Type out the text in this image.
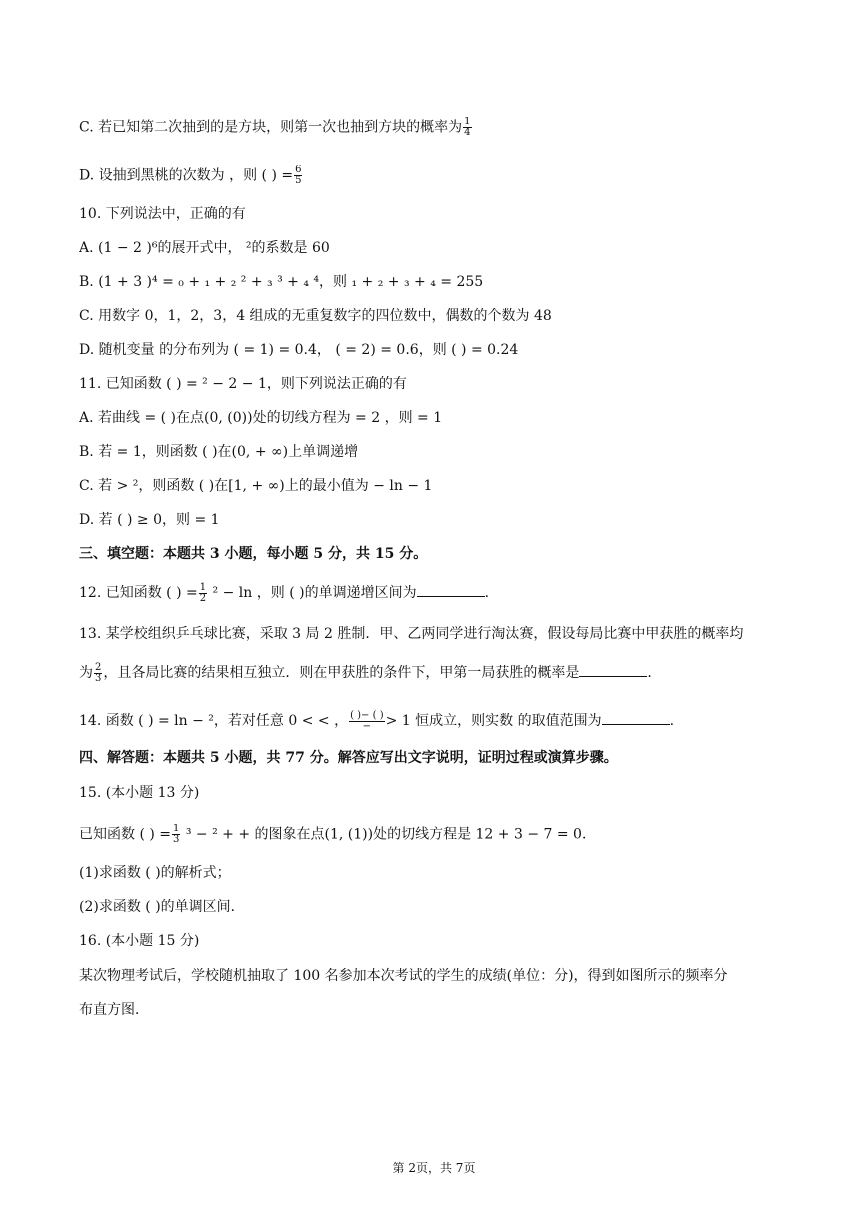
C. 若已知第二次抽到的是方块，则第一次也抽到方块的概率为 $\frac{1}{4}$
D. 设抽到黑桃的次数为 ，则 ( ) = $\frac{6}{5}$
10. 下列说法中，正确的有
A. (1 − 2 )⁶的展开式中， ²的系数是 60
B. (1 + 3 )⁴ = ₀ + ₁ + ₂ ² + ₃ ³ + ₄ ⁴，则 ₁ + ₂ + ₃ + ₄ = 255
C. 用数字 0，1，2，3，4 组成的无重复数字的四位数中，偶数的个数为 48
D. 随机变量 的分布列为 ( = 1) = 0.4， ( = 2) = 0.6，则 ( ) = 0.24
11. 已知函数 ( ) = ² − 2 − 1，则下列说法正确的有
A. 若曲线 = ( )在点(0, (0))处的切线方程为 = 2 ，则 = 1
B. 若 = 1，则函数 ( )在(0, + ∞)上单调递增
C. 若 > ²，则函数 ( )在[1, + ∞)上的最小值为 − ln − 1
D. 若 ( ) ≥ 0，则 = 1
三、填空题：本题共 3 小题，每小题 5 分，共 15 分。
12. 已知函数 ( ) = $\frac{1}{2} ^2 - \ln$ ，则 ( )的单调递增区间为	.
13. 某学校组织乒乓球比赛，采取 3 局 2 胜制．甲、乙两同学进行淘汰赛，假设每局比赛中甲获胜的概率均
为 $\frac{2}{3}$ ，且各局比赛的结果相互独立．则在甲获胜的条件下，甲第一局获胜的概率是	.
14. 函数 ( ) = ln − ²，若对任意 0 < < ， $\frac{( )- ( )}{-} > 1$ 恒成立，则实数 的取值范围为	.
四、解答题：本题共 5 小题，共 77 分。解答应写出文字说明，证明过程或演算步骤。
15. (本小题 13 分)
已知函数 ( ) = $\frac{1}{3} ^3 - ^2$ + + 的图象在点(1, (1))处的切线方程是 12 + 3 − 7 = 0．
(1)求函数 ( )的解析式；
(2)求函数 ( )的单调区间．
16. (本小题 15 分)
某次物理考试后，学校随机抽取了 100 名参加本次考试的学生的成绩(单位：分)，得到如图所示的频率分
布直方图．
第 2页，共 7页
